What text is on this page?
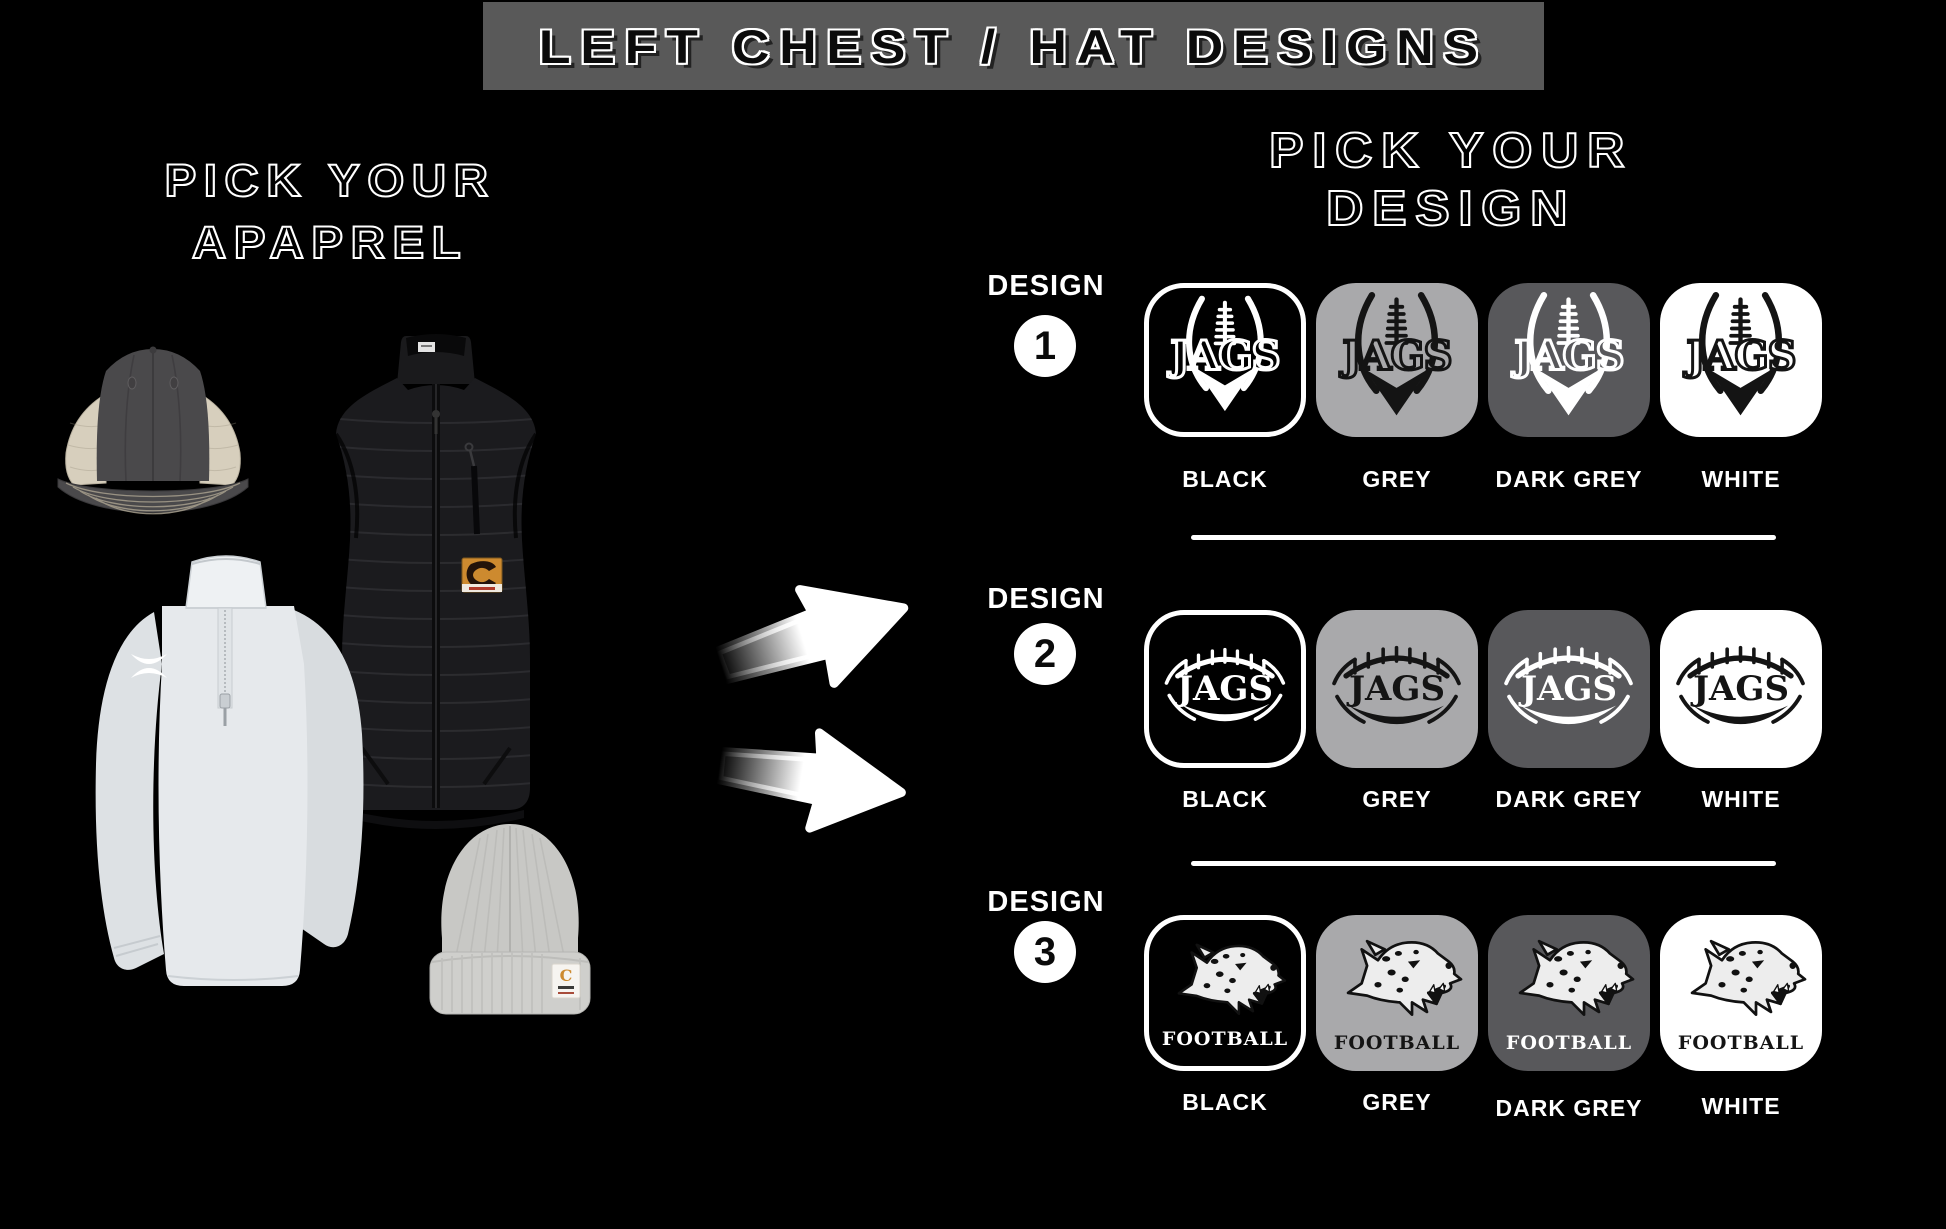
LEFT CHEST / HAT DESIGNS
PICK YOUR
APAPREL
PICK YOUR
DESIGN
C
DESIGN
1	JAGS	JAGS	JAGS	JAGS
BLACK	GREY	DARK GREY	WHITE
DESIGN
2
JAGS	JAGS	JAGS	JAGS
BLACK	GREY	DARK GREY	WHITE
DESIGN
3
FOOTBALL	FOOTBALL	FOOTBALL	FOOTBALL
BLACK	GREY	DARK GREY	WHITE
